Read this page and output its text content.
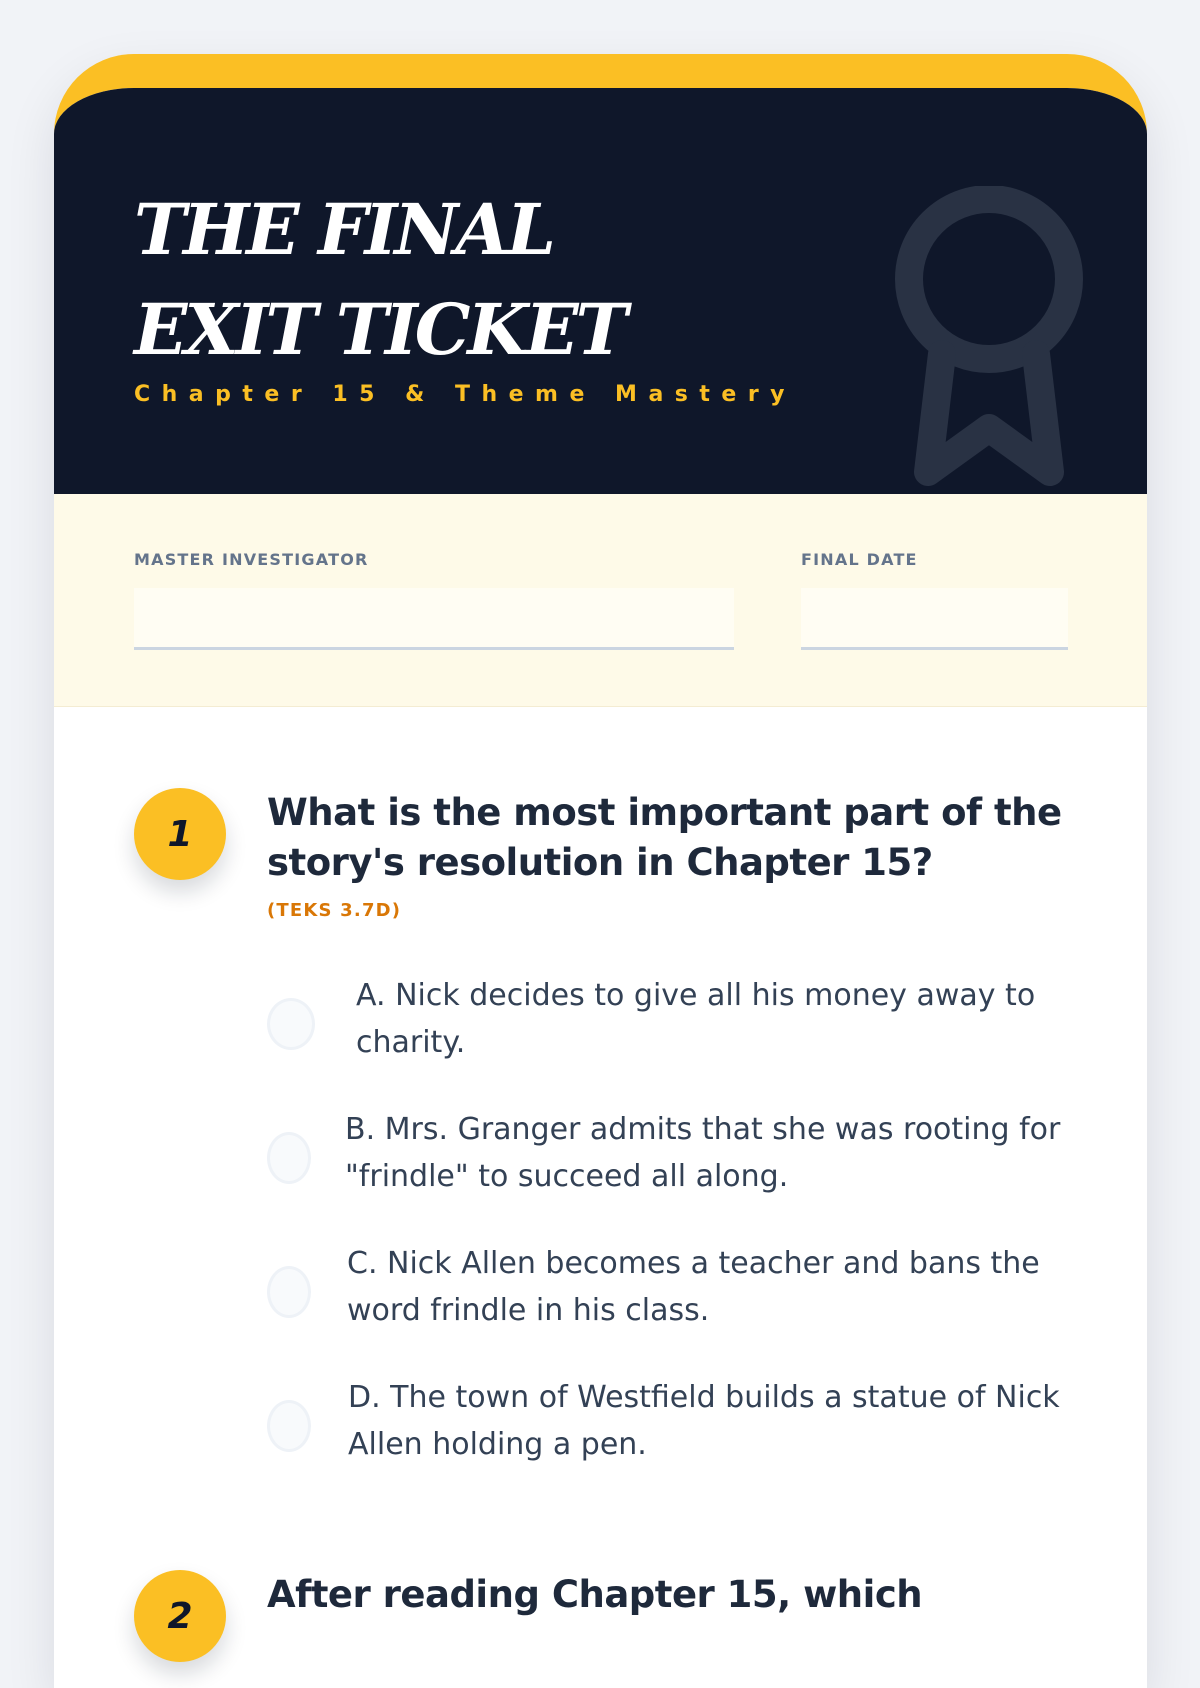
THE FINAL
EXIT TICKET
Chapter 15 & Theme Mastery
MASTER INVESTIGATOR	FINAL DATE
1	What is the most important part of the story's resolution in Chapter 15?
(TEKS 3.7D)
A. Nick decides to give all his money away to charity.
B. Mrs. Granger admits that she was rooting for "frindle" to succeed all along.
C. Nick Allen becomes a teacher and bans the word frindle in his class.
D. The town of Westfield builds a statue of Nick Allen holding a pen.
2	After reading Chapter 15, which
